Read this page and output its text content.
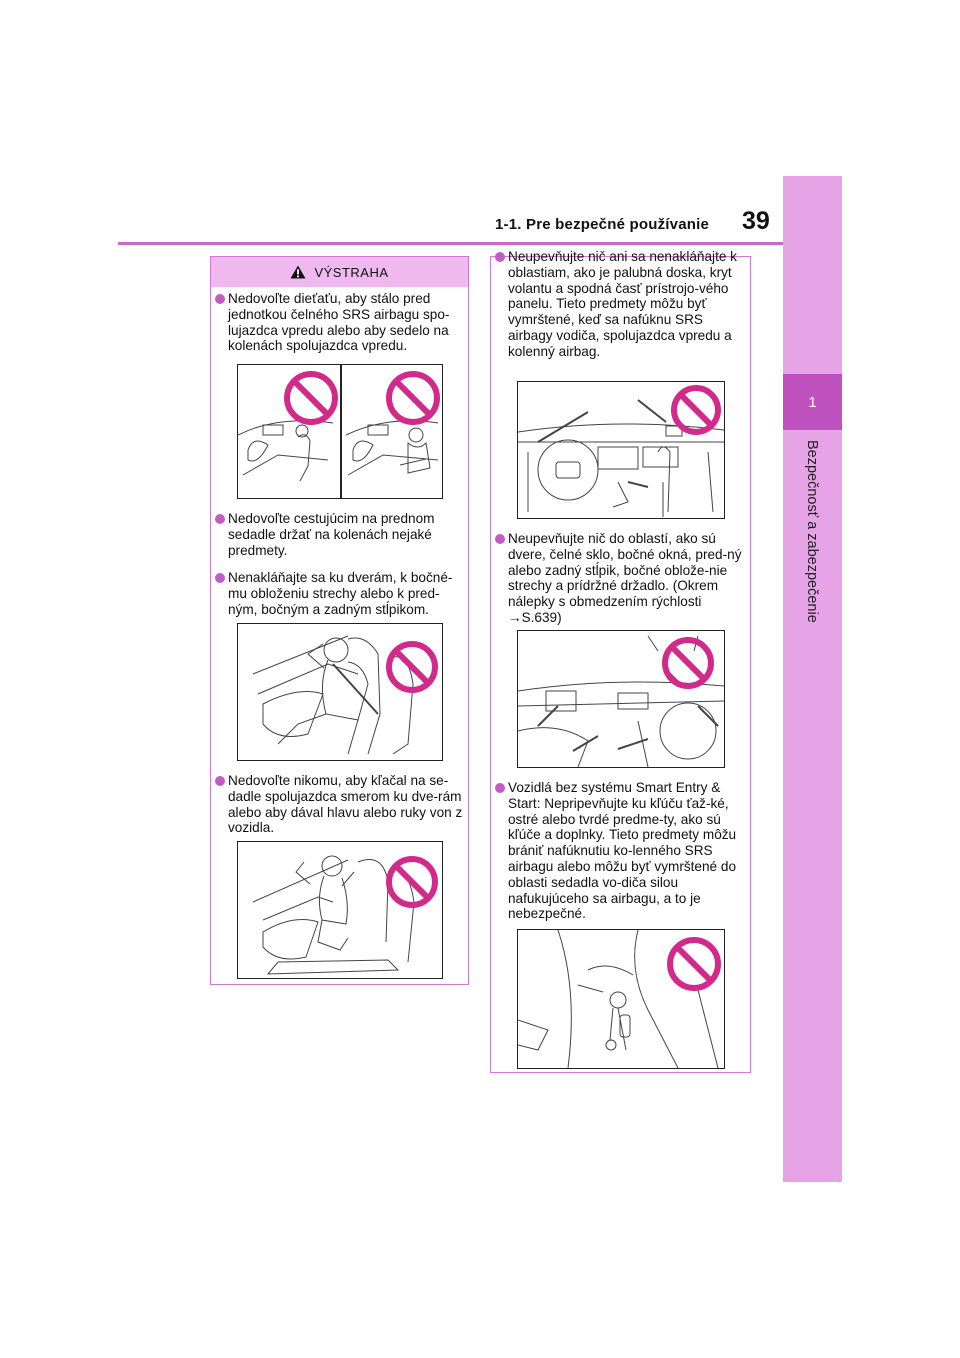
1-1. Pre bezpečné používanie 39
1
Bezpečnosť a zabezpečenie
VÝSTRAHA
Nedovoľte dieťaťu, aby stálo pred jednotkou čelného SRS airbagu spo-lujazdca vpredu alebo aby sedelo na kolenách spolujazdca vpredu.
Nedovoľte cestujúcim na prednom sedadle držať na kolenách nejaké predmety.
Nenakláňajte sa ku dverám, k bočné-mu obloženiu strechy alebo k pred-ným, bočným a zadným stĺpikom.
Nedovoľte nikomu, aby kľačal na se-dadle spolujazdca smerom ku dve-rám alebo aby dával hlavu alebo ruky von z vozidla.
Neupevňujte nič ani sa nenakláňajte k oblastiam, ako je palubná doska, kryt volantu a spodná časť prístrojo-vého panelu. Tieto predmety môžu byť vymrštené, keď sa nafúknu SRS airbagy vodiča, spolujazdca vpredu a kolenný airbag.
Neupevňujte nič do oblastí, ako sú dvere, čelné sklo, bočné okná, pred-ný alebo zadný stĺpik, bočné oblože-nie strechy a prídržné držadlo. (Okrem nálepky s obmedzením rýchlosti →S.639)
Vozidlá bez systému Smart Entry & Start: Nepripevňujte ku kľúču ťaž-ké, ostré alebo tvrdé predme-ty, ako sú kľúče a doplnky. Tieto predmety môžu brániť nafúknutiu ko-lenného SRS airbagu alebo môžu byť vymrštené do oblasti sedadla vo-diča silou nafukujúceho sa airbagu, a to je nebezpečné.
